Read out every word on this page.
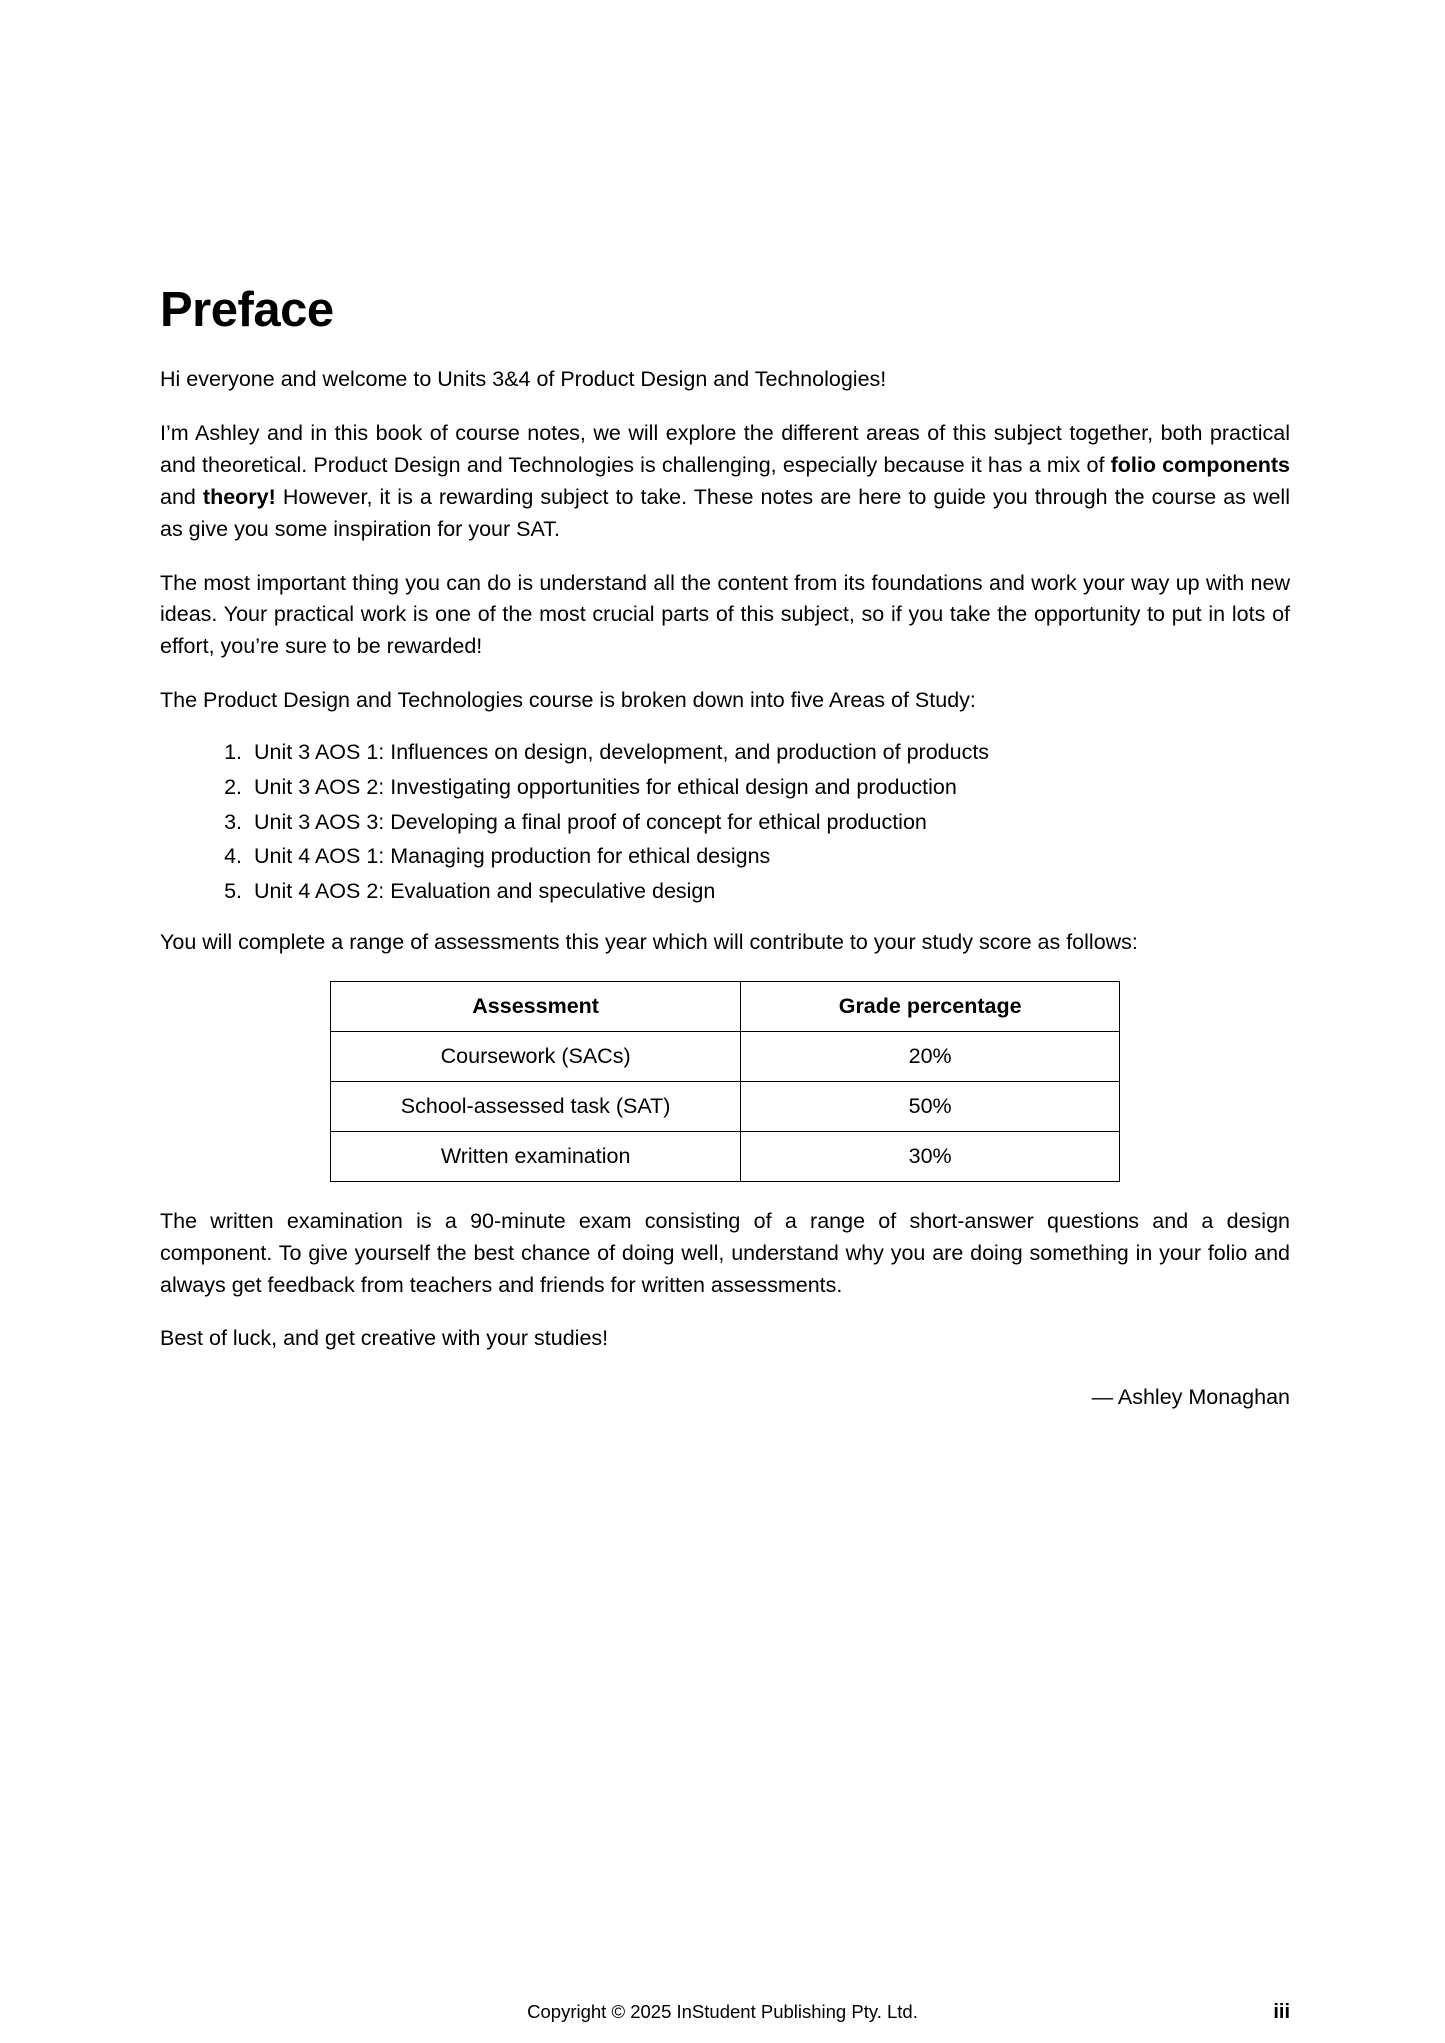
Preface

Hi everyone and welcome to Units 3&4 of Product Design and Technologies!

I’m Ashley and in this book of course notes, we will explore the different areas of this subject together, both practical and theoretical. Product Design and Technologies is challenging, especially because it has a mix of folio components and theory! However, it is a rewarding subject to take. These notes are here to guide you through the course as well as give you some inspiration for your SAT.

The most important thing you can do is understand all the content from its foundations and work your way up with new ideas. Your practical work is one of the most crucial parts of this subject, so if you take the opportunity to put in lots of effort, you’re sure to be rewarded!

The Product Design and Technologies course is broken down into five Areas of Study:

1. Unit 3 AOS 1: Influences on design, development, and production of products
2. Unit 3 AOS 2: Investigating opportunities for ethical design and production
3. Unit 3 AOS 3: Developing a final proof of concept for ethical production
4. Unit 4 AOS 1: Managing production for ethical designs
5. Unit 4 AOS 2: Evaluation and speculative design

You will complete a range of assessments this year which will contribute to your study score as follows:

Assessment	Grade percentage
Coursework (SACs)	20%
School-assessed task (SAT)	50%
Written examination	30%

The written examination is a 90-minute exam consisting of a range of short-answer questions and a design component. To give yourself the best chance of doing well, understand why you are doing something in your folio and always get feedback from teachers and friends for written assessments.

Best of luck, and get creative with your studies!

— Ashley Monaghan
Copyright © 2025 InStudent Publishing Pty. Ltd.	iii
